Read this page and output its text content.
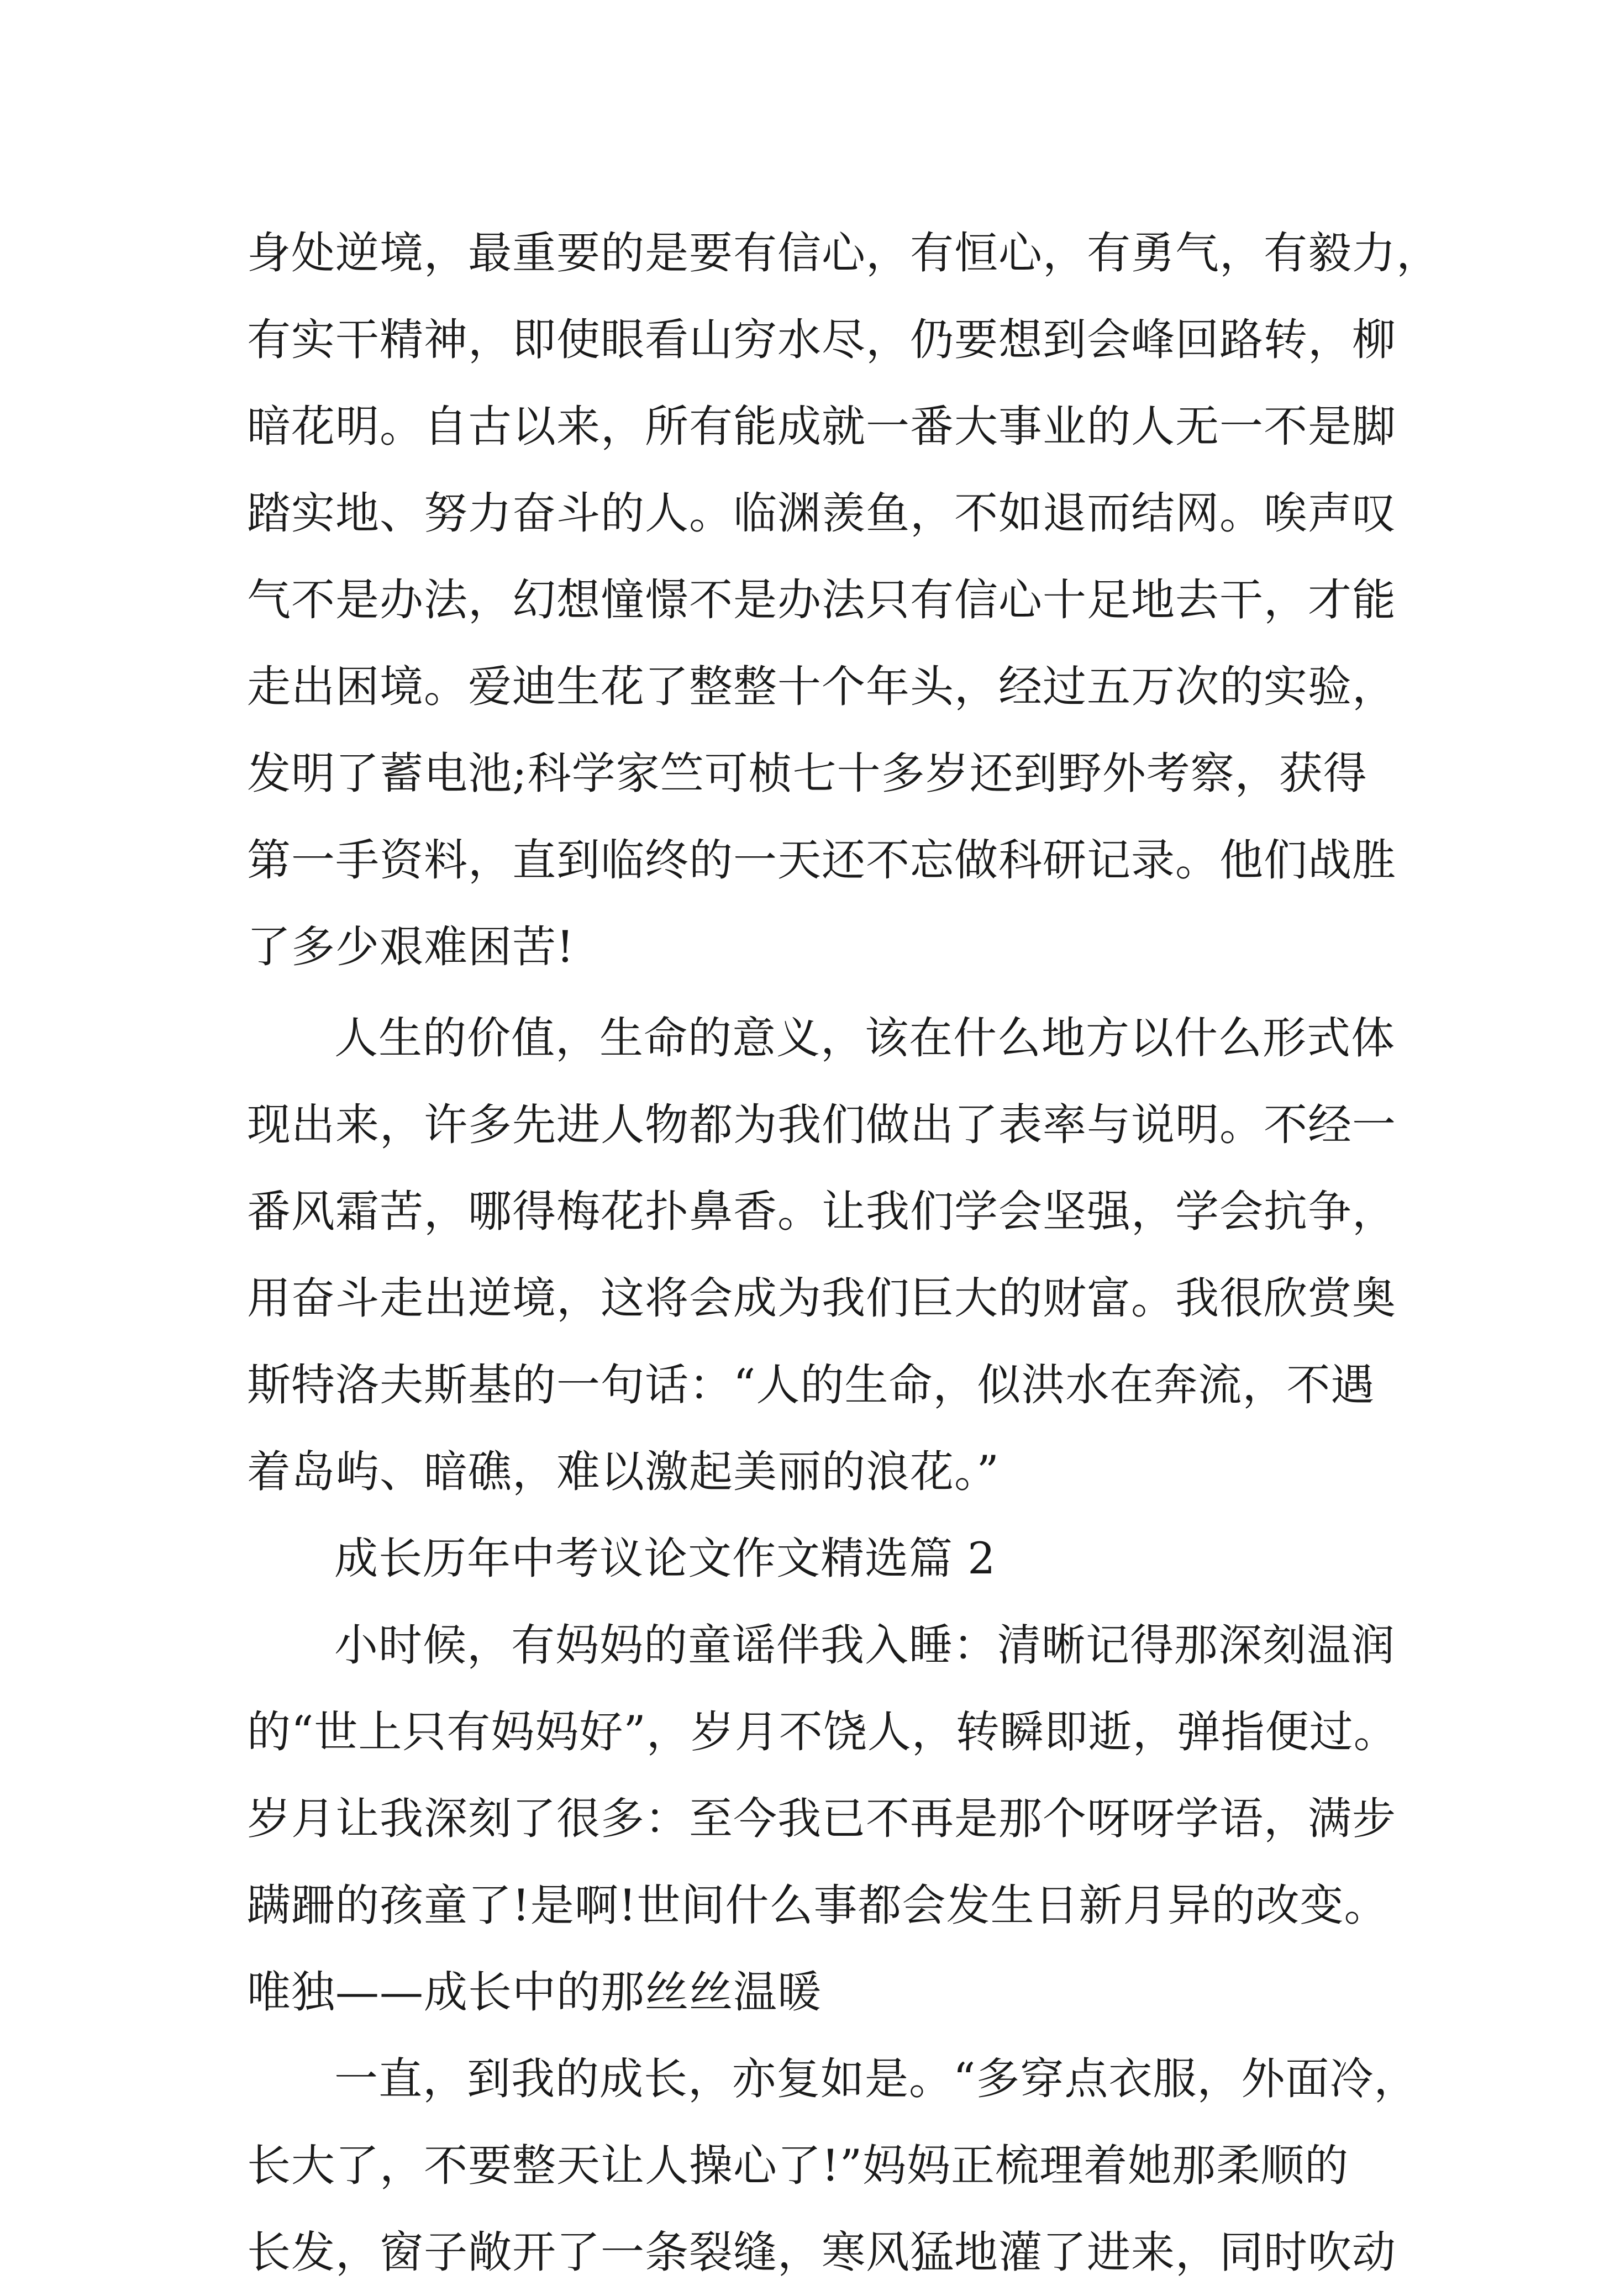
身处逆境，最重要的是要有信心，有恒心，有勇气，有毅力，
有实干精神，即使眼看山穷水尽，仍要想到会峰回路转，柳
暗花明。自古以来，所有能成就一番大事业的人无一不是脚
踏实地、努力奋斗的人。临渊羡鱼，不如退而结网。唉声叹
气不是办法，幻想憧憬不是办法只有信心十足地去干，才能
走出困境。爱迪生花了整整十个年头，经过五万次的实验，
发明了蓄电池;科学家竺可桢七十多岁还到野外考察，获得
第一手资料，直到临终的一天还不忘做科研记录。他们战胜
了多少艰难困苦!
人生的价值，生命的意义，该在什么地方以什么形式体
现出来，许多先进人物都为我们做出了表率与说明。不经一
番风霜苦，哪得梅花扑鼻香。让我们学会坚强，学会抗争，
用奋斗走出逆境，这将会成为我们巨大的财富。我很欣赏奥
斯特洛夫斯基的一句话：“人的生命，似洪水在奔流，不遇
着岛屿、暗礁，难以激起美丽的浪花。”
成长历年中考议论文作文精选篇 2
小时候，有妈妈的童谣伴我入睡：清晰记得那深刻温润
的“世上只有妈妈好”，岁月不饶人，转瞬即逝，弹指便过。
岁月让我深刻了很多：至今我已不再是那个呀呀学语，满步
蹒跚的孩童了!是啊!世间什么事都会发生日新月异的改变。
唯独——成长中的那丝丝温暖
一直，到我的成长，亦复如是。“多穿点衣服，外面冷，
长大了，不要整天让人操心了!”妈妈正梳理着她那柔顺的
长发，窗子敞开了一条裂缝，寒风猛地灌了进来，同时吹动
